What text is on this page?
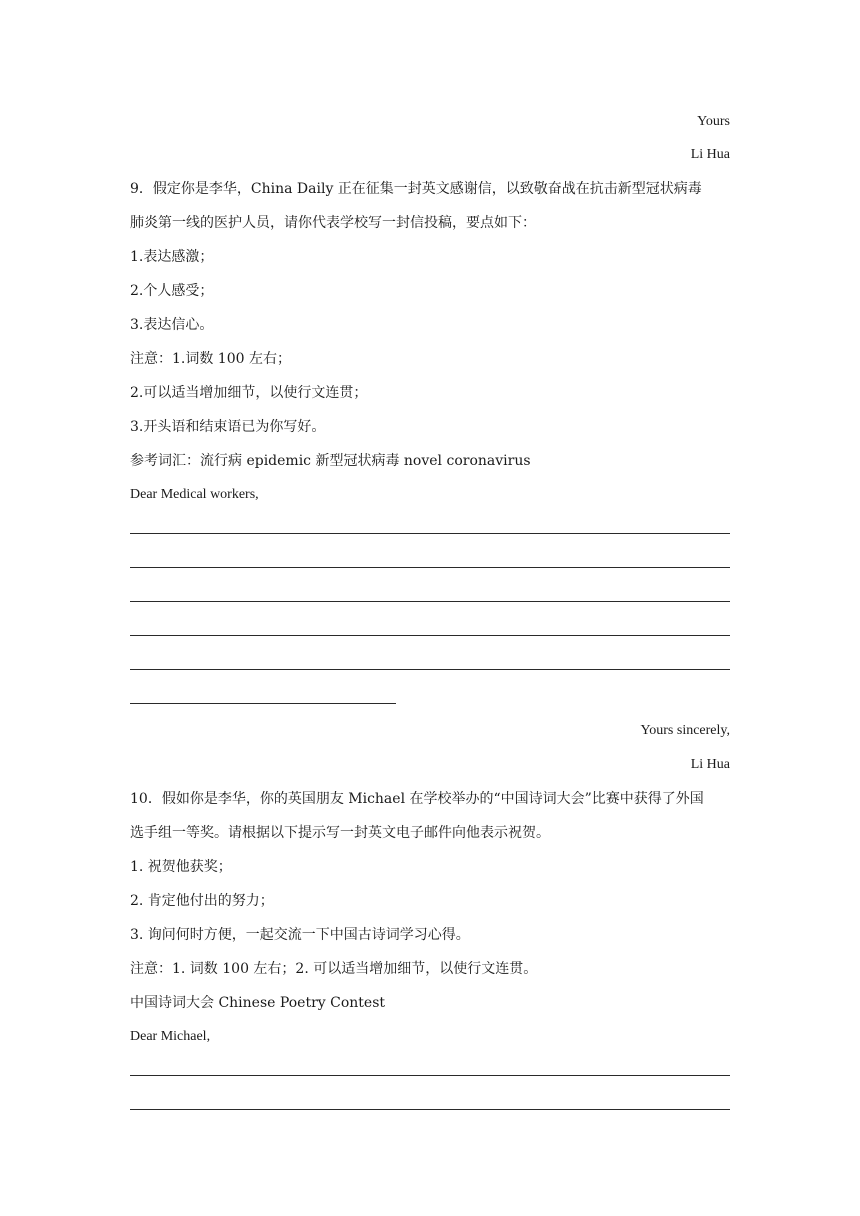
Yours
Li Hua
9．假定你是李华，China Daily 正在征集一封英文感谢信，以致敬奋战在抗击新型冠状病毒
肺炎第一线的医护人员，请你代表学校写一封信投稿，要点如下：
1.表达感激；
2.个人感受；
3.表达信心。
注意：1.词数 100 左右；
2.可以适当增加细节，以使行文连贯；
3.开头语和结束语已为你写好。
参考词汇：流行病 epidemic 新型冠状病毒 novel coronavirus
Dear Medical workers,
Yours sincerely,
Li Hua
10．假如你是李华，你的英国朋友 Michael 在学校举办的“中国诗词大会”比赛中获得了外国
选手组一等奖。请根据以下提示写一封英文电子邮件向他表示祝贺。
1. 祝贺他获奖；
2. 肯定他付出的努力；
3. 询问何时方便，一起交流一下中国古诗词学习心得。
注意：1. 词数 100 左右；2. 可以适当增加细节，以使行文连贯。
中国诗词大会 Chinese Poetry Contest
Dear Michael,
